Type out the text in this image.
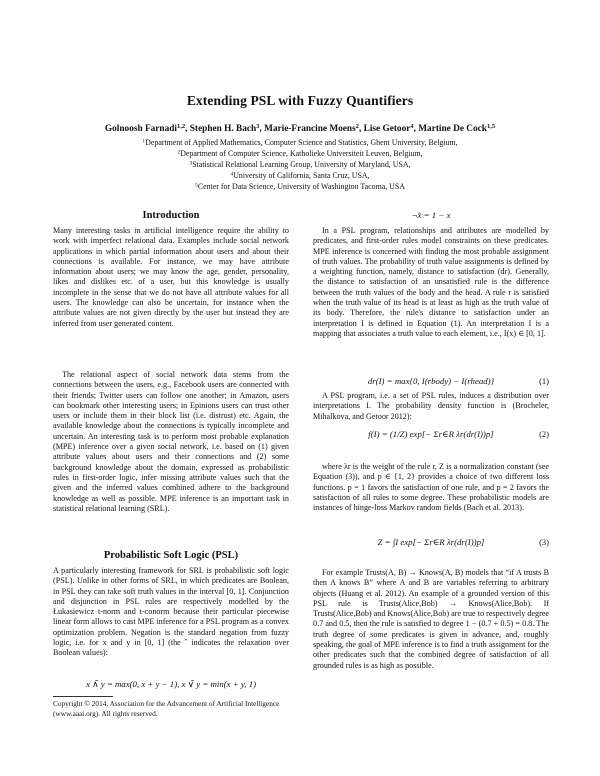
Extending PSL with Fuzzy Quantifiers
Golnoosh Farnadi$^{1,2}$, Stephen H. Bach$^3$, Marie-Francine Moens$^2$, Lise Getoor$^4$, Martine De Cock$^{1,5}$
$^1$Department of Applied Mathematics, Computer Science and Statistics, Ghent University, Belgium,
$^2$Department of Computer Science, Katholieke Universiteit Leuven, Belgium,
$^3$Statistical Relational Learning Group, University of Maryland, USA,
$^4$University of California, Santa Cruz, USA,
$^5$Center for Data Science, University of Washington Tacoma, USA
Introduction
Many interesting tasks in artificial intelligence require the ability to work with imperfect relational data. Examples include social network applications in which partial information about users and about their connections is available. For instance, we may have attribute information about users; we may know the age, gender, personality, likes and dislikes etc. of a user, but this knowledge is usually incomplete in the sense that we do not have all attribute values for all users. The knowledge can also be uncertain, for instance when the attribute values are not given directly by the user but instead they are inferred from user generated content.
The relational aspect of social network data stems from the connections between the users, e.g., Facebook users are connected with their friends; Twitter users can follow one another; in Amazon, users can bookmark other interesting users; in Epinions users can trust other users or include them in their block list (i.e. distrust) etc. Again, the available knowledge about the connections is typically incomplete and uncertain. An interesting task is to perform most probable explanation (MPE) inference over a given social network, i.e. based on (1) given attribute values about users and their connections and (2) some background knowledge about the domain, expressed as probabilistic rules in first-order logic, infer missing attribute values such that the given and the inferred values combined adhere to the background knowledge as well as possible. MPE inference is an important task in statistical relational learning (SRL).
Probabilistic Soft Logic (PSL)
A particularly interesting framework for SRL is probabilistic soft logic (PSL). Unlike in other forms of SRL, in which predicates are Boolean, in PSL they can take soft truth values in the interval [0, 1]. Conjunction and disjunction in PSL rules are respectively modelled by the Łukasiewicz t-norm and t-conorm because their particular piecewise linear form allows to cast MPE inference for a PSL program as a convex optimization problem. Negation is the standard negation from fuzzy logic, i.e. for x and y in [0, 1] (the ˆ indicates the relaxation over Boolean values):
x ∧̃ y = max(0, x + y − 1), x ∨̃ y = min(x + y, 1)
Copyright © 2014, Association for the Advancement of Artificial Intelligence (www.aaai.org). All rights reserved.
¬̃x = 1 − x
In a PSL program, relationships and attributes are modelled by predicates, and first-order rules model constraints on these predicates. MPE inference is concerned with finding the most probable assignment of truth values. The probability of truth value assignments is defined by a weighting function, namely, distance to satisfaction (dr). Generally, the distance to satisfaction of an unsatisfied rule is the difference between the truth values of the body and the head. A rule r is satisfied when the truth value of its head is at least as high as the truth value of its body. Therefore, the rule's distance to satisfaction under an interpretation I is defined in Equation (1). An interpretation I is a mapping that associates a truth value to each element, i.e., I(x) ∈ [0, 1].
dr(I) = max{0, I(rbody) − I(rhead)}	(1)
A PSL program, i.e. a set of PSL rules, induces a distribution over interpretations I. The probability density function is (Brocheler, Mihalkova, and Getoor 2012):
f(I) = (1/Z) exp[− Σr∈R λr(dr(I))p]	(2)
where λr is the weight of the rule r, Z is a normalization constant (see Equation (3)), and p ∈ {1, 2} provides a choice of two different loss functions. p = 1 favors the satisfaction of one rule, and p = 2 favors the satisfaction of all rules to some degree. These probabilistic models are instances of hinge-loss Markov random fields (Bach et al. 2013).
Z = ∫I exp[− Σr∈R λr(dr(I))p]	(3)
For example Trusts(A, B) → Knows(A, B) models that “if A trusts B then A knows B” where A and B are variables referring to arbitrary objects (Huang et al. 2012). An example of a grounded version of this PSL rule is Trusts(Alice,Bob) → Knows(Alice,Bob). If Trusts(Alice,Bob) and Knows(Alice,Bob) are true to respectively degree 0.7 and 0.5, then the rule is satisfied to degree 1 − (0.7 + 0.5) = 0.8. The truth degree of some predicates is given in advance, and, roughly speaking, the goal of MPE inference is to find a truth assignment for the other predicates such that the combined degree of satisfaction of all grounded rules is as high as possible.
